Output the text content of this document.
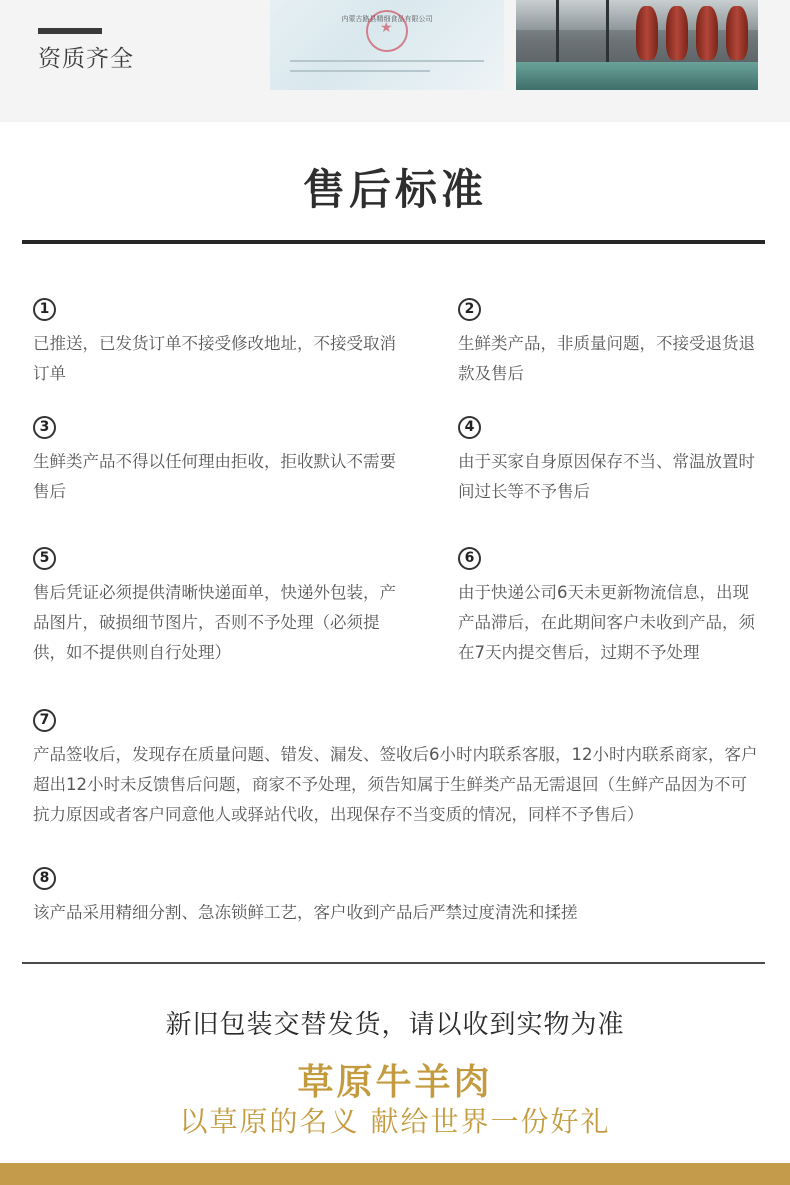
资质齐全
内蒙古路县精细食品有限公司
★
售后标准
1
已推送，已发货订单不接受修改地址，不接受取消订单
2
生鲜类产品，非质量问题，不接受退货退款及售后
3
生鲜类产品不得以任何理由拒收，拒收默认不需要售后
4
由于买家自身原因保存不当、常温放置时间过长等不予售后
5
售后凭证必须提供清晰快递面单，快递外包装，产品图片，破损细节图片，否则不予处理（必须提供，如不提供则自行处理）
6
由于快递公司6天未更新物流信息，出现产品滞后，在此期间客户未收到产品，须在7天内提交售后，过期不予处理
7
产品签收后，发现存在质量问题、错发、漏发、签收后6小时内联系客服，12小时内联系商家，客户超出12小时未反馈售后问题，商家不予处理，须告知属于生鲜类产品无需退回（生鲜产品因为不可抗力原因或者客户同意他人或驿站代收，出现保存不当变质的情况，同样不予售后）
8
该产品采用精细分割、急冻锁鲜工艺，客户收到产品后严禁过度清洗和揉搓
新旧包装交替发货，请以收到实物为准
草原牛羊肉
以草原的名义 献给世界一份好礼
